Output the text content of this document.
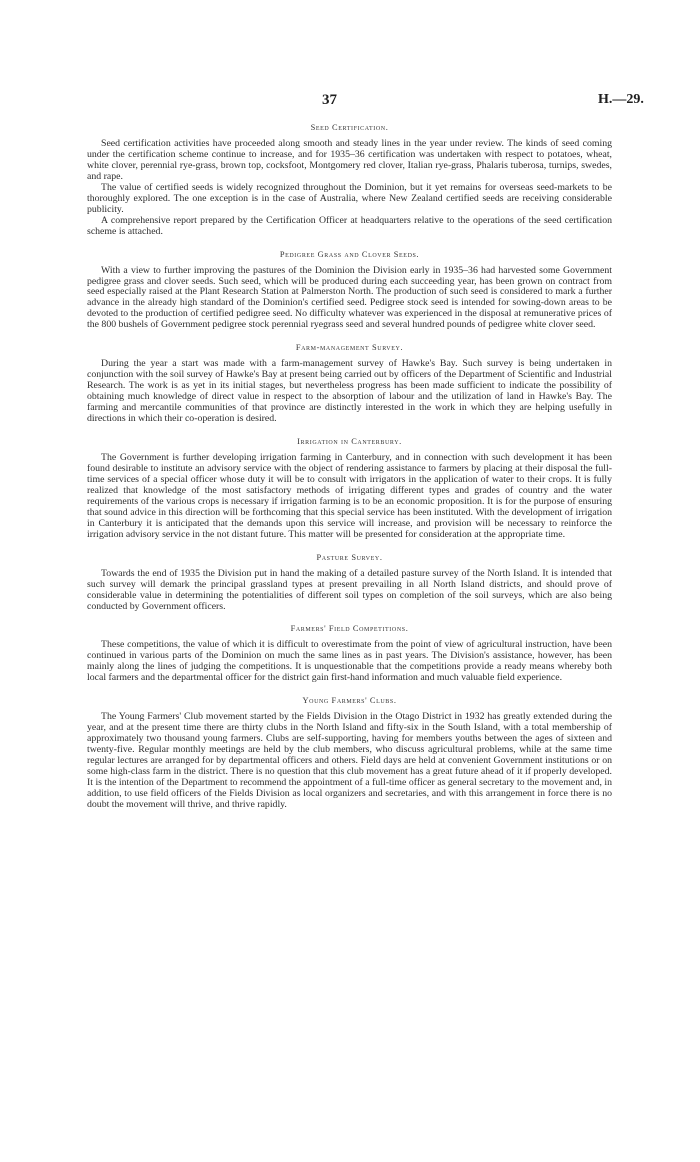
37	H.—29.
Seed Certification.

Seed certification activities have proceeded along smooth and steady lines in the year under review. The kinds of seed coming under the certification scheme continue to increase, and for 1935–36 certification was undertaken with respect to potatoes, wheat, white clover, perennial rye-grass, brown top, cocksfoot, Montgomery red clover, Italian rye-grass, Phalaris tuberosa, turnips, swedes, and rape.

The value of certified seeds is widely recognized throughout the Dominion, but it yet remains for overseas seed-markets to be thoroughly explored. The one exception is in the case of Australia, where New Zealand certified seeds are receiving considerable publicity.

A comprehensive report prepared by the Certification Officer at headquarters relative to the operations of the seed certification scheme is attached.

Pedigree Grass and Clover Seeds.

With a view to further improving the pastures of the Dominion the Division early in 1935–36 had harvested some Government pedigree grass and clover seeds. Such seed, which will be produced during each succeeding year, has been grown on contract from seed especially raised at the Plant Research Station at Palmerston North. The production of such seed is considered to mark a further advance in the already high standard of the Dominion's certified seed. Pedigree stock seed is intended for sowing-down areas to be devoted to the production of certified pedigree seed. No difficulty whatever was experienced in the disposal at remunerative prices of the 800 bushels of Government pedigree stock perennial ryegrass seed and several hundred pounds of pedigree white clover seed.

Farm-management Survey.

During the year a start was made with a farm-management survey of Hawke's Bay. Such survey is being undertaken in conjunction with the soil survey of Hawke's Bay at present being carried out by officers of the Department of Scientific and Industrial Research. The work is as yet in its initial stages, but nevertheless progress has been made sufficient to indicate the possibility of obtaining much knowledge of direct value in respect to the absorption of labour and the utilization of land in Hawke's Bay. The farming and mercantile communities of that province are distinctly interested in the work in which they are helping usefully in directions in which their co-operation is desired.

Irrigation in Canterbury.

The Government is further developing irrigation farming in Canterbury, and in connection with such development it has been found desirable to institute an advisory service with the object of rendering assistance to farmers by placing at their disposal the full-time services of a special officer whose duty it will be to consult with irrigators in the application of water to their crops. It is fully realized that knowledge of the most satisfactory methods of irrigating different types and grades of country and the water requirements of the various crops is necessary if irrigation farming is to be an economic proposition. It is for the purpose of ensuring that sound advice in this direction will be forthcoming that this special service has been instituted. With the development of irrigation in Canterbury it is anticipated that the demands upon this service will increase, and provision will be necessary to reinforce the irrigation advisory service in the not distant future. This matter will be presented for consideration at the appropriate time.

Pasture Survey.

Towards the end of 1935 the Division put in hand the making of a detailed pasture survey of the North Island. It is intended that such survey will demark the principal grassland types at present prevailing in all North Island districts, and should prove of considerable value in determining the potentialities of different soil types on completion of the soil surveys, which are also being conducted by Government officers.

Farmers' Field Competitions.

These competitions, the value of which it is difficult to overestimate from the point of view of agricultural instruction, have been continued in various parts of the Dominion on much the same lines as in past years. The Division's assistance, however, has been mainly along the lines of judging the competitions. It is unquestionable that the competitions provide a ready means whereby both local farmers and the departmental officer for the district gain first-hand information and much valuable field experience.

Young Farmers' Clubs.

The Young Farmers' Club movement started by the Fields Division in the Otago District in 1932 has greatly extended during the year, and at the present time there are thirty clubs in the North Island and fifty-six in the South Island, with a total membership of approximately two thousand young farmers. Clubs are self-supporting, having for members youths between the ages of sixteen and twenty-five. Regular monthly meetings are held by the club members, who discuss agricultural problems, while at the same time regular lectures are arranged for by departmental officers and others. Field days are held at convenient Government institutions or on some high-class farm in the district. There is no question that this club movement has a great future ahead of it if properly developed. It is the intention of the Department to recommend the appointment of a full-time officer as general secretary to the movement and, in addition, to use field officers of the Fields Division as local organizers and secretaries, and with this arrangement in force there is no doubt the movement will thrive, and thrive rapidly.
